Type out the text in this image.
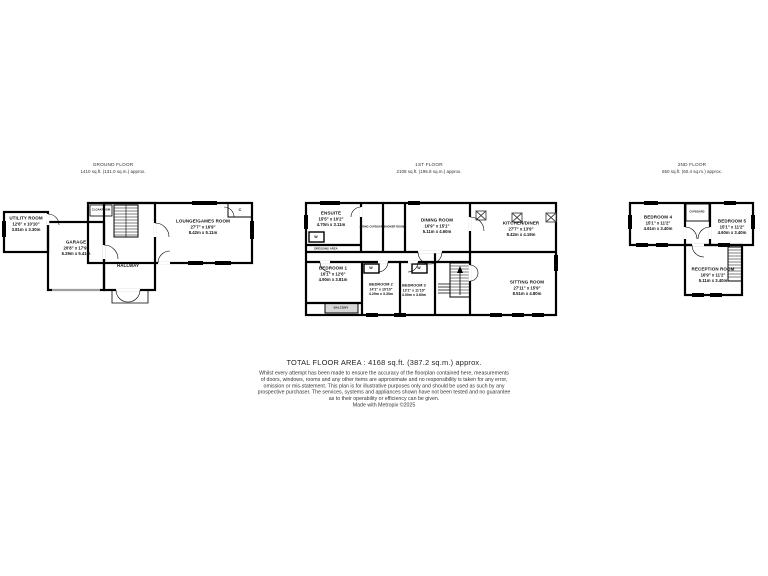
GROUND FLOOR
1410 sq.ft. (131.0 sq.m.) approx.
1ST FLOOR
2108 sq.ft. (195.8 sq.m.) approx.
2ND FLOOR
650 sq.ft. (60.4 sq.m.) approx.
UTILITY ROOM
12'6" x 10'10"
3.81m x 3.30m
GARAGE
20'8" x 17'9"
6.29m x 5.41m
LOUNGE/GAMES ROOM
27'7" x 16'9"
8.42m x 5.11m
HALLWAY
CLOAKROOM	C
ENSUITE
15'5" x 10'2"
4.70m x 3.11m AIRING CUPBOARD SHOWER ROOM
DINING ROOM
16'9" x 15'1"
5.11m x 4.60m
KITCHEN/DINER
27'7" x 13'9"
8.42m x 4.19m
BEDROOM 1
16'1" x 12'6"
4.90m x 3.81m
BEDROOM 2
14'1" x 10'10"
4.29m x 3.30m
BEDROOM 3
13'1" x 11'10"
4.00m x 3.60m
SITTING ROOM
27'11" x 15'9"
8.51m x 4.80m
DRESSING AREA
W
W	W
BALCONY
BEDROOM 4
15'1" x 11'2"
4.61m x 3.40m
BEDROOM 5
15'1" x 11'2"
4.60m x 3.40m
CUPBOARD
RECEPTION ROOM
16'9" x 11'2"
5.11m x 3.40m
TOTAL FLOOR AREA : 4168 sq.ft. (387.2 sq.m.) approx.
Whilst every attempt has been made to ensure the accuracy of the floorplan contained here, measurements
of doors, windows, rooms and any other items are approximate and no responsibility is taken for any error,
omission or mis-statement. This plan is for illustrative purposes only and should be used as such by any
prospective purchaser. The services, systems and appliances shown have not been tested and no guarantee
as to their operability or efficiency can be given.
Made with Metropix ©2025
